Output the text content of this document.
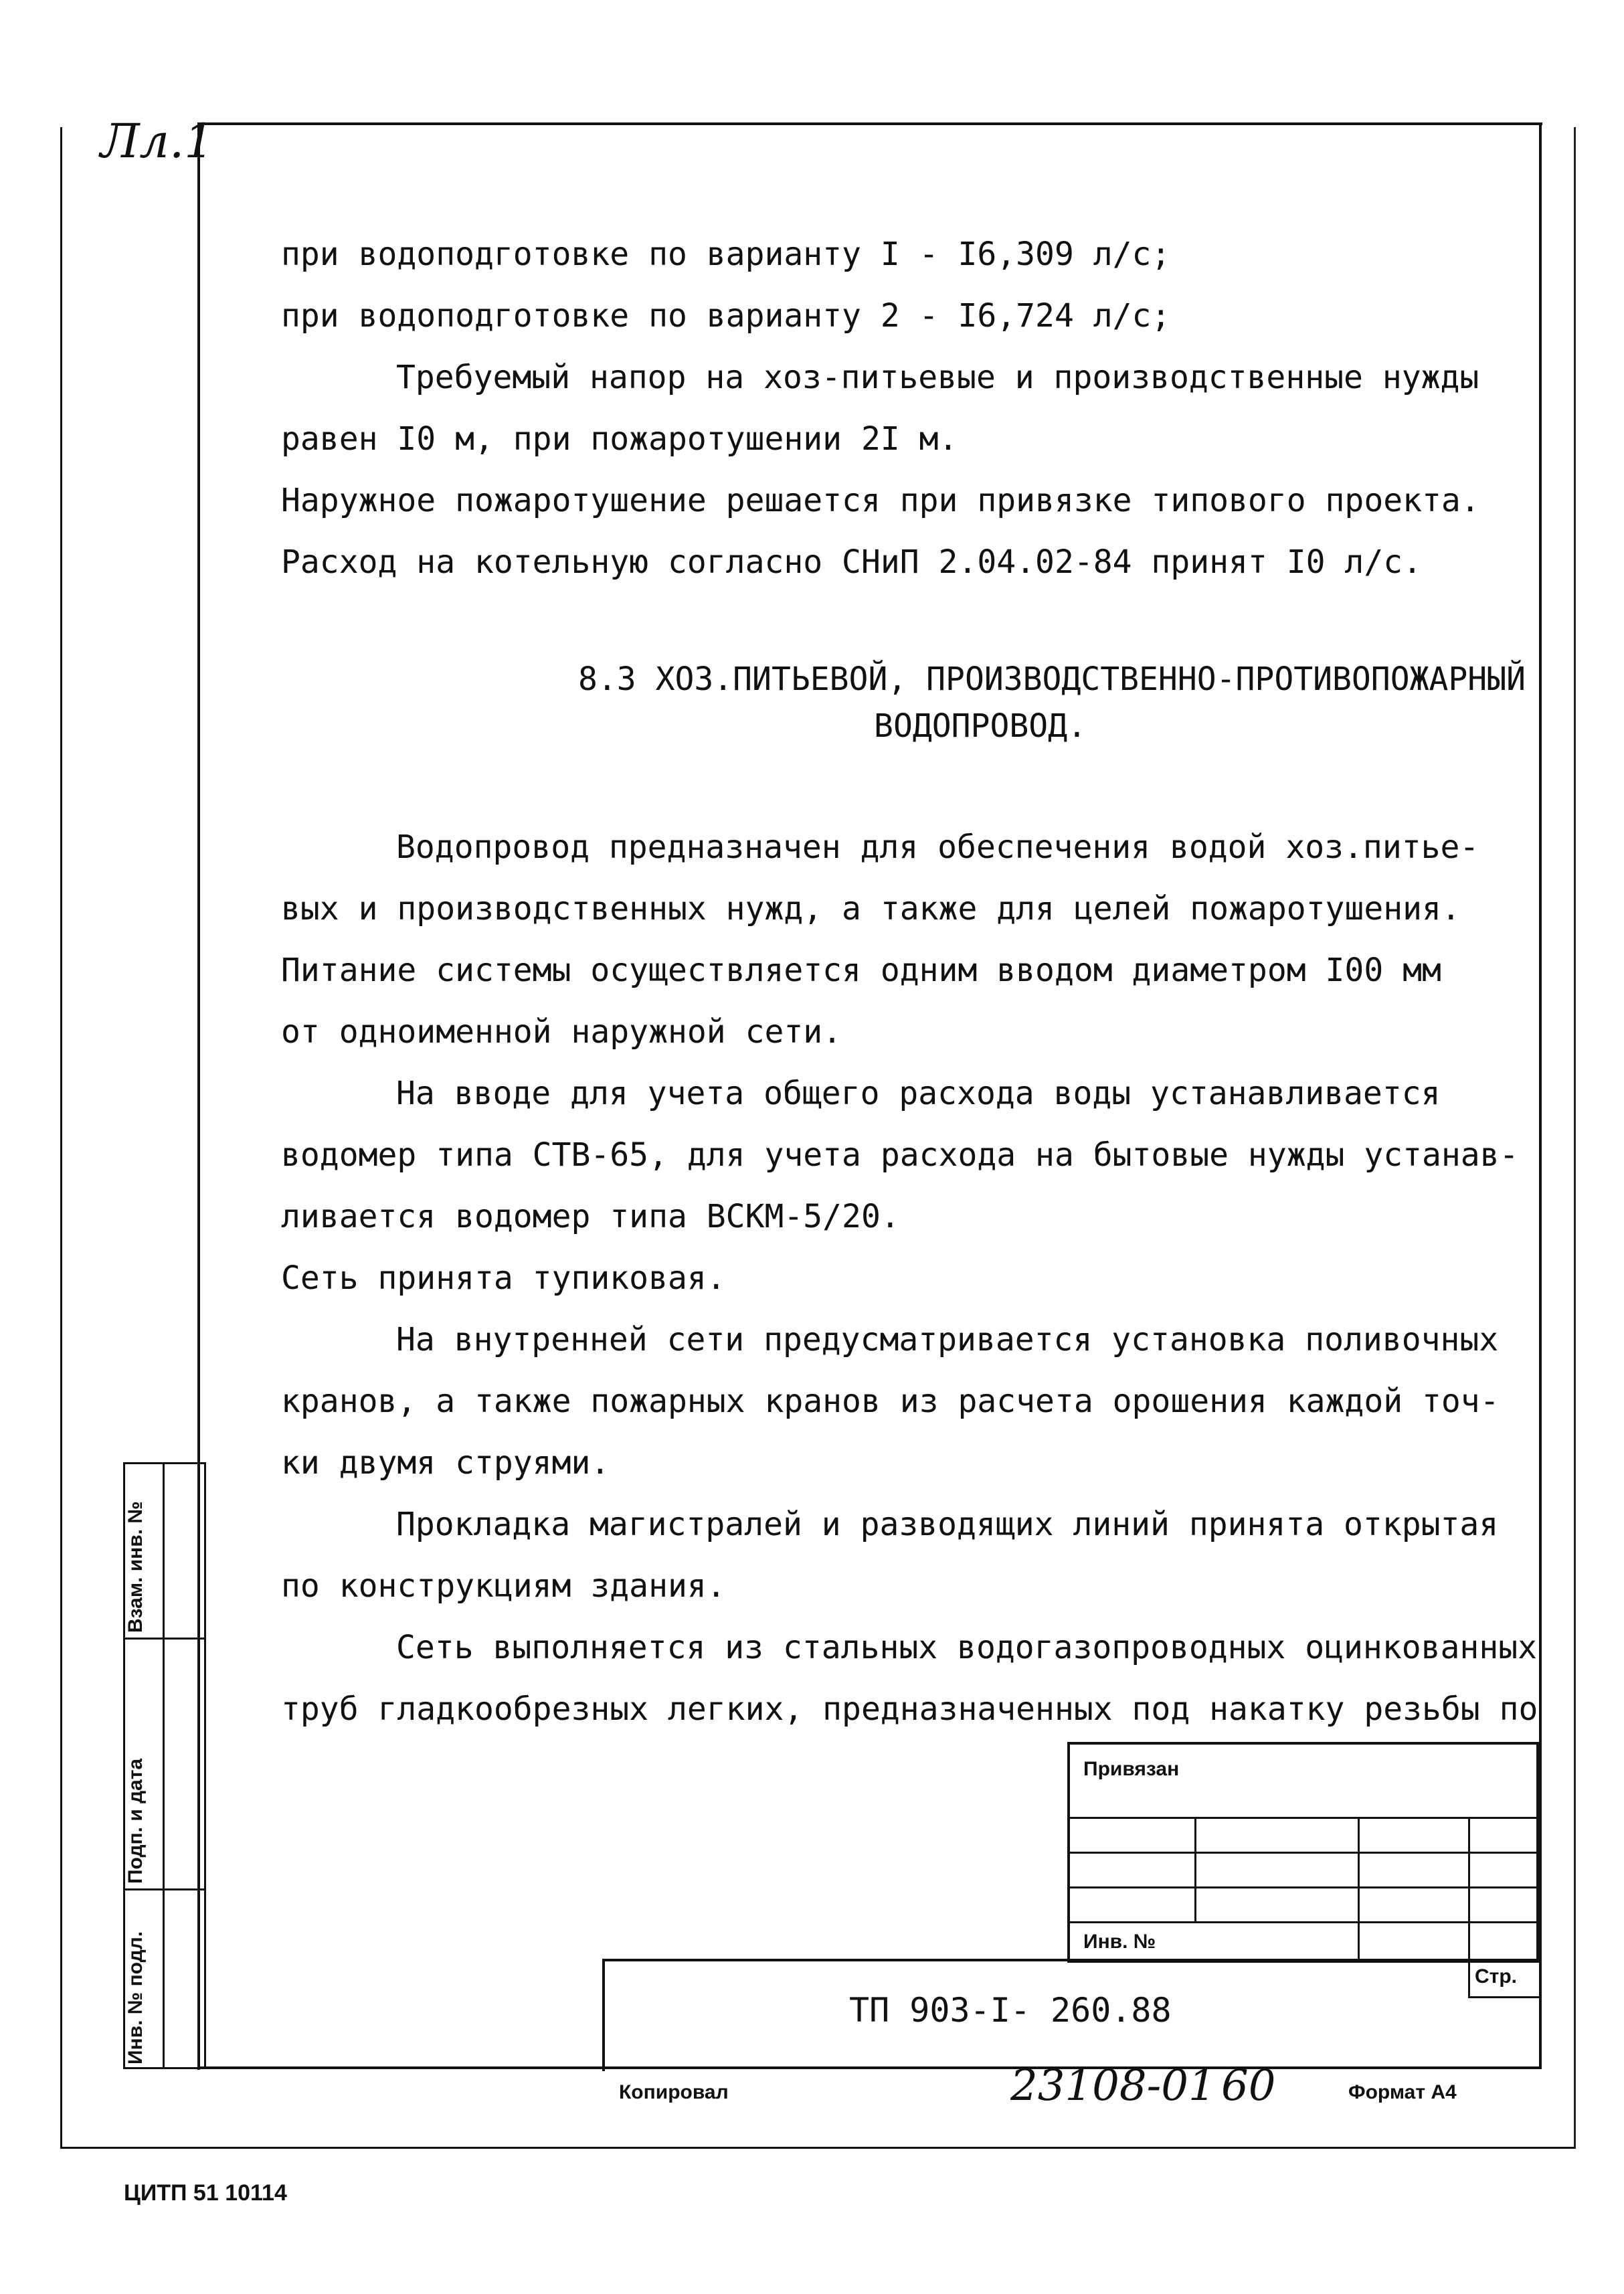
Лл.1
при водоподготовке по варианту I - I6,309 л/с;
при водоподготовке по варианту 2 - I6,724 л/с;
Требуемый напор на хоз-питьевые и производственные нужды
равен I0 м, при пожаротушении 2I м.
Наружное пожаротушение решается при привязке типового проекта.
Расход на котельную согласно СНиП 2.04.02-84 принят I0 л/с.
8.3 ХОЗ.ПИТЬЕВОЙ, ПРОИЗВОДСТВЕННО-ПРОТИВОПОЖАРНЫЙ
ВОДОПРОВОД.
Водопровод предназначен для обеспечения водой хоз.питье-
вых и производственных нужд, а также для целей пожаротушения.
Питание системы осуществляется одним вводом диаметром I00 мм
от одноименной наружной сети.
На вводе для учета общего расхода воды устанавливается
водомер типа СТВ-65, для учета расхода на бытовые нужды устанав-
ливается водомер типа ВСКМ-5/20.
Сеть принята тупиковая.
На внутренней сети предусматривается установка поливочных
кранов, а также пожарных кранов из расчета орошения каждой точ-
ки двумя струями.
Прокладка магистралей и разводящих линий принята открытая
по конструкциям здания.
Сеть выполняется из стальных водогазопроводных оцинкованных
труб гладкообрезных легких, предназначенных под накатку резьбы по
Взам. инв. №
Подп. и дата
Инв. № подл.
Привязан
Инв. №
Стр.
ТП 903-I- 260.88
Копировал	23108-01 60	Формат А4
ЦИТП 51 10114
